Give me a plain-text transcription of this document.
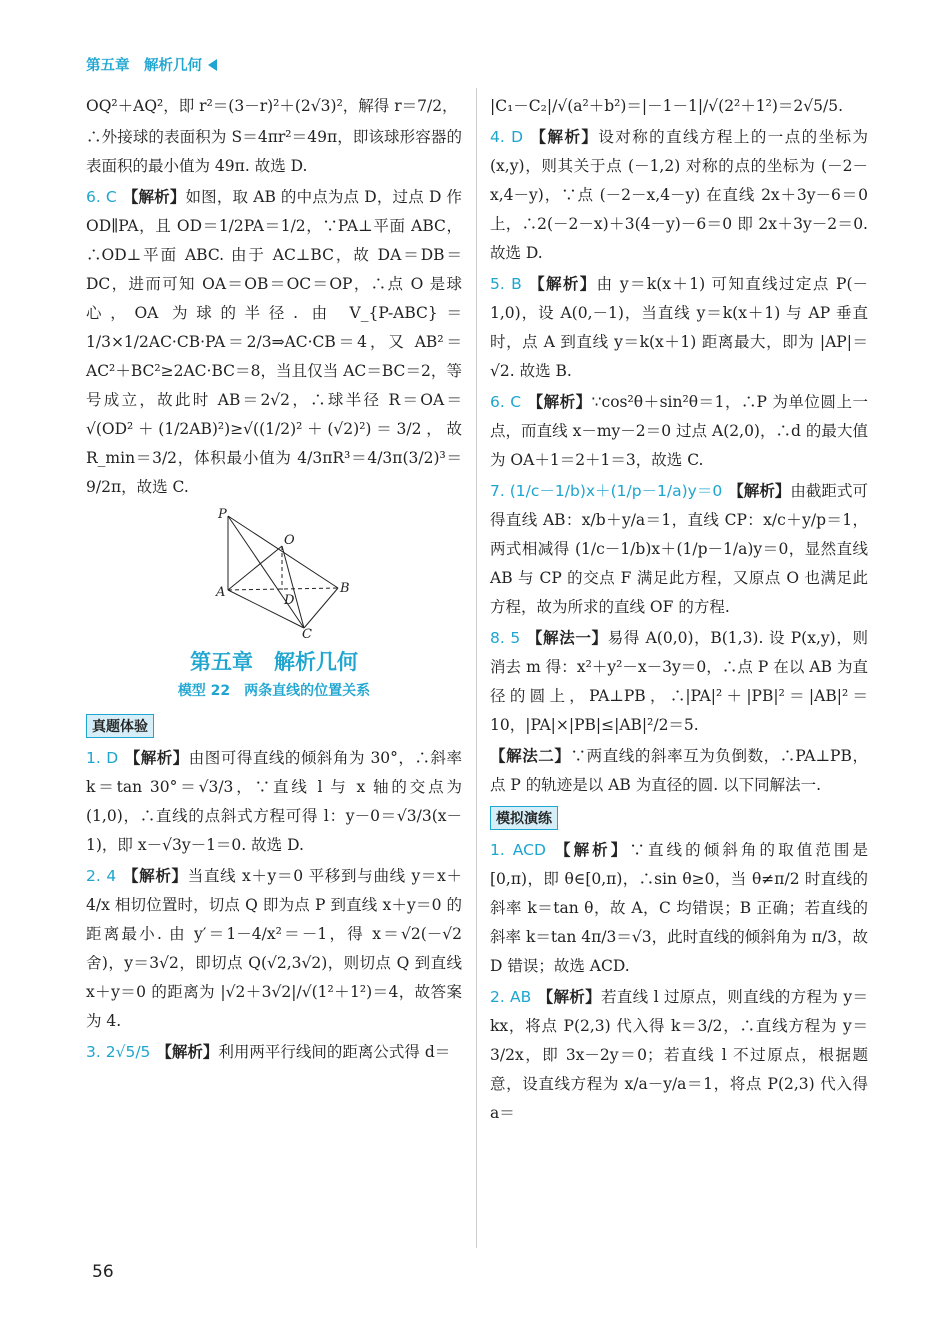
第五章　解析几何

OQ²＋AQ²，即 r²＝(3－r)²＋(2√3)²，解得 r＝7/2，

∴外接球的表面积为 S＝4πr²＝49π，即该球形容器的表面积的最小值为 49π. 故选 D.

6. C 【解析】如图，取 AB 的中点为点 D，过点 D 作 OD∥PA，且 OD＝1/2PA＝1/2，∵PA⊥平面 ABC，∴OD⊥平面 ABC. 由于 AC⊥BC，故 DA＝DB＝DC，进而可知 OA＝OB＝OC＝OP，∴点 O 是球心，OA 为球的半径. 由 V_{P-ABC}＝1/3×1/2AC·CB·PA＝2/3⇒AC·CB＝4，又 AB²＝AC²＋BC²≥2AC·BC＝8，当且仅当 AC＝BC＝2，等号成立，故此时 AB＝2√2，∴球半径 R＝OA＝√(OD²＋(1/2AB)²)≥√((1/2)²＋(√2)²)＝3/2，故 R_min＝3/2，体积最小值为 4/3πR³＝4/3π(3/2)³＝9/2π，故选 C.

P
O
A
D
B
C
第五章　解析几何
模型 22　两条直线的位置关系
真题体验

1. D 【解析】由图可得直线的倾斜角为 30°，∴斜率 k＝tan 30°＝√3/3，∵直线 l 与 x 轴的交点为 (1,0)，∴直线的点斜式方程可得 l：y－0＝√3/3(x－1)，即 x－√3y－1＝0. 故选 D.

2. 4 【解析】当直线 x＋y＝0 平移到与曲线 y＝x＋4/x 相切位置时，切点 Q 即为点 P 到直线 x＋y＝0 的距离最小. 由 y′＝1－4/x²＝－1，得 x＝√2(－√2 舍)，y＝3√2，即切点 Q(√2,3√2)，则切点 Q 到直线 x＋y＝0 的距离为 |√2＋3√2|/√(1²＋1²)＝4，故答案为 4.

3. 2√5/5 【解析】利用两平行线间的距离公式得 d＝

|C₁－C₂|/√(a²＋b²)＝|－1－1|/√(2²＋1²)＝2√5/5.

4. D 【解析】设对称的直线方程上的一点的坐标为 (x,y)，则其关于点 (－1,2) 对称的点的坐标为 (－2－x,4－y)，∵点 (－2－x,4－y) 在直线 2x＋3y－6＝0 上，∴2(－2－x)＋3(4－y)－6＝0 即 2x＋3y－2＝0. 故选 D.

5. B 【解析】由 y＝k(x＋1) 可知直线过定点 P(－1,0)，设 A(0,－1)，当直线 y＝k(x＋1) 与 AP 垂直时，点 A 到直线 y＝k(x＋1) 距离最大，即为 |AP|＝√2. 故选 B.

6. C 【解析】∵cos²θ＋sin²θ＝1，∴P 为单位圆上一点，而直线 x－my－2＝0 过点 A(2,0)，∴d 的最大值为 OA＋1＝2＋1＝3，故选 C.

7. (1/c－1/b)x＋(1/p－1/a)y＝0 【解析】由截距式可得直线 AB：x/b＋y/a＝1，直线 CP：x/c＋y/p＝1，两式相减得 (1/c－1/b)x＋(1/p－1/a)y＝0，显然直线 AB 与 CP 的交点 F 满足此方程，又原点 O 也满足此方程，故为所求的直线 OF 的方程.

8. 5 【解法一】易得 A(0,0)，B(1,3). 设 P(x,y)，则消去 m 得：x²＋y²－x－3y＝0，∴点 P 在以 AB 为直径的圆上，PA⊥PB，∴|PA|²＋|PB|²＝|AB|²＝10，|PA|×|PB|≤|AB|²/2＝5.

【解法二】∵两直线的斜率互为负倒数，∴PA⊥PB，点 P 的轨迹是以 AB 为直径的圆. 以下同解法一.

模拟演练

1. ACD 【解析】∵直线的倾斜角的取值范围是 [0,π)，即 θ∈[0,π)，∴sin θ≥0，当 θ≠π/2 时直线的斜率 k＝tan θ，故 A，C 均错误；B 正确；若直线的斜率 k＝tan 4π/3＝√3，此时直线的倾斜角为 π/3，故 D 错误；故选 ACD.

2. AB 【解析】若直线 l 过原点，则直线的方程为 y＝kx，将点 P(2,3) 代入得 k＝3/2，∴直线方程为 y＝3/2x，即 3x－2y＝0；若直线 l 不过原点，根据题意，设直线方程为 x/a－y/a＝1，将点 P(2,3) 代入得 a＝

56
